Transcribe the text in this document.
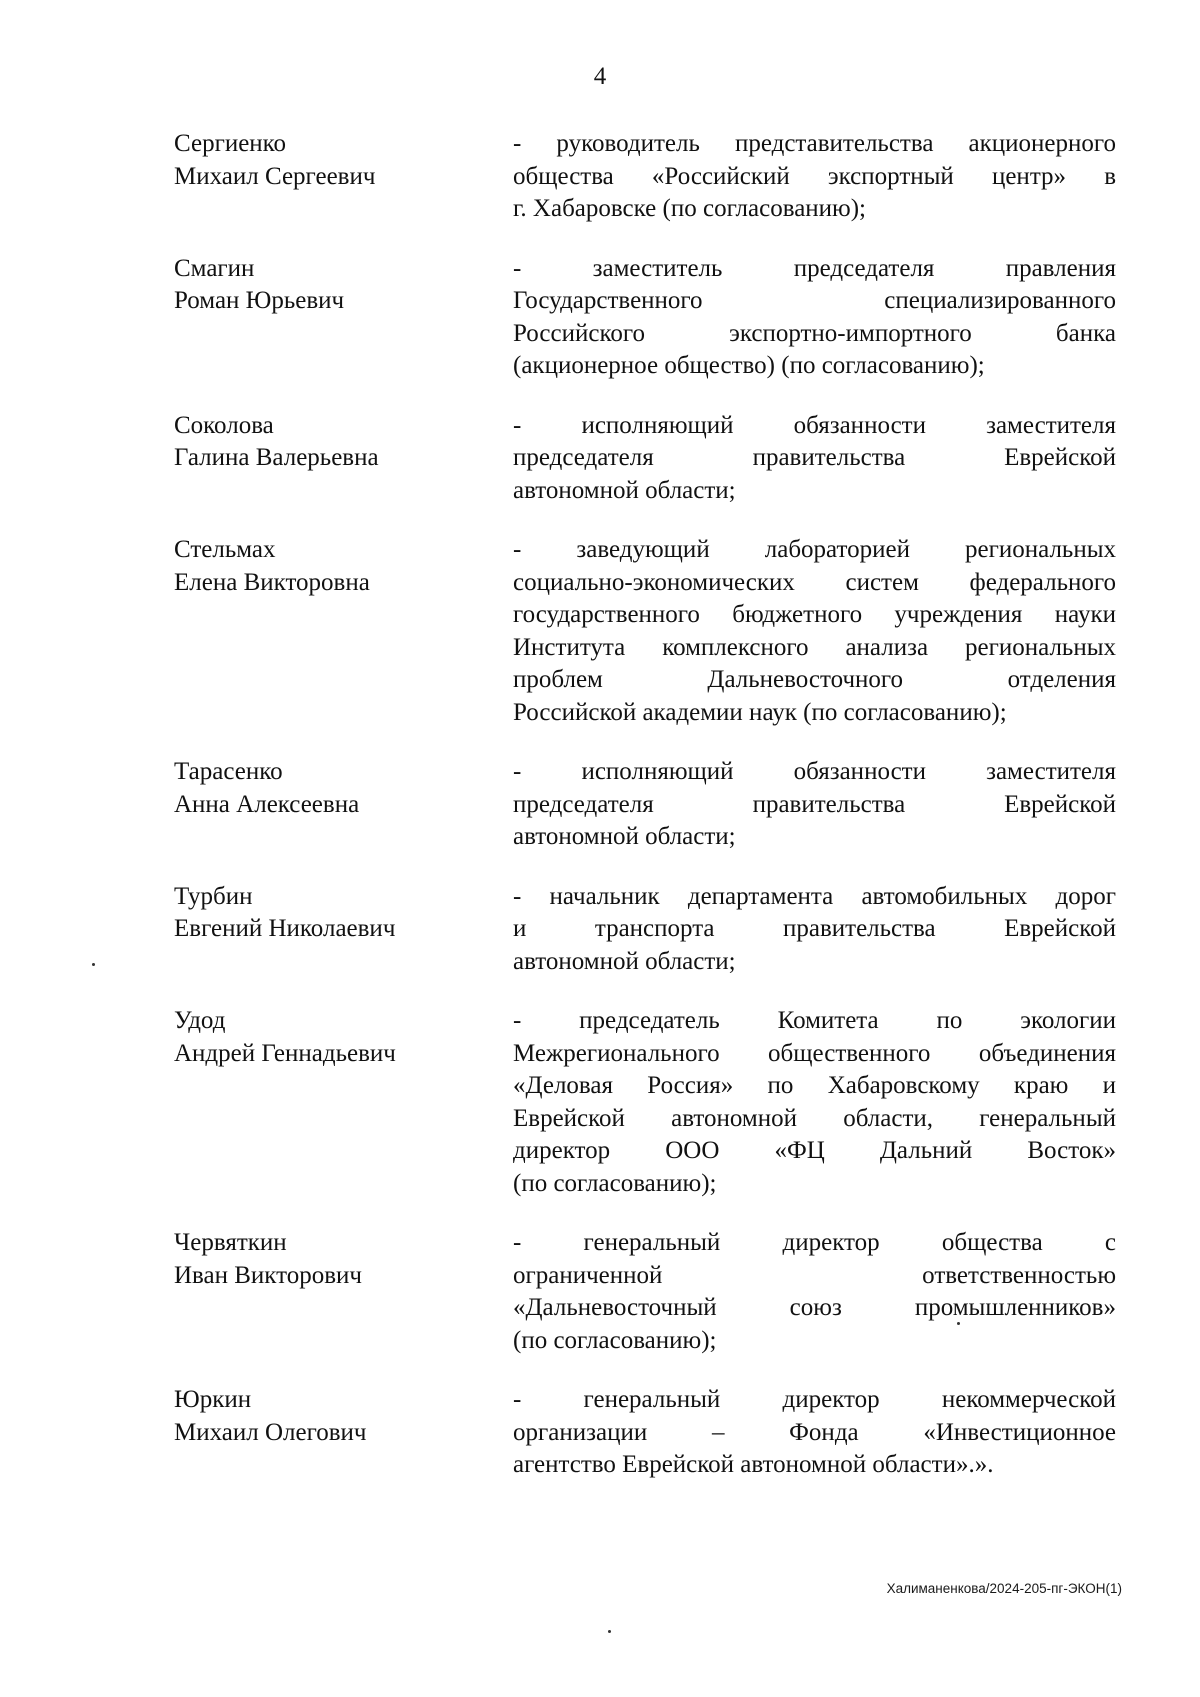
4
Сергиенко
Михаил Сергеевич
- руководитель представительства акционерного
общества «Российский экспортный центр» в
г. Хабаровске (по согласованию);
Смагин
Роман Юрьевич
- заместитель председателя правления
Государственного специализированного
Российского экспортно-импортного банка
(акционерное общество) (по согласованию);
Соколова
Галина Валерьевна
- исполняющий обязанности заместителя
председателя правительства Еврейской
автономной области;
Стельмах
Елена Викторовна
- заведующий лабораторией региональных
социально-экономических систем федерального
государственного бюджетного учреждения науки
Института комплексного анализа региональных
проблем Дальневосточного отделения
Российской академии наук (по согласованию);
Тарасенко
Анна Алексеевна
- исполняющий обязанности заместителя
председателя правительства Еврейской
автономной области;
Турбин
Евгений Николаевич
- начальник департамента автомобильных дорог
и транспорта правительства Еврейской
автономной области;
Удод
Андрей Геннадьевич
- председатель Комитета по экологии
Межрегионального общественного объединения
«Деловая Россия» по Хабаровскому краю и
Еврейской автономной области, генеральный
директор ООО «ФЦ Дальний Восток»
(по согласованию);
Червяткин
Иван Викторович
- генеральный директор общества с
ограниченной ответственностью
«Дальневосточный союз промышленников»
(по согласованию);
Юркин
Михаил Олегович
- генеральный директор некоммерческой
организации – Фонда «Инвестиционное
агентство Еврейской автономной области».».
Халиманенкова/2024-205-пг-ЭКОН(1)
